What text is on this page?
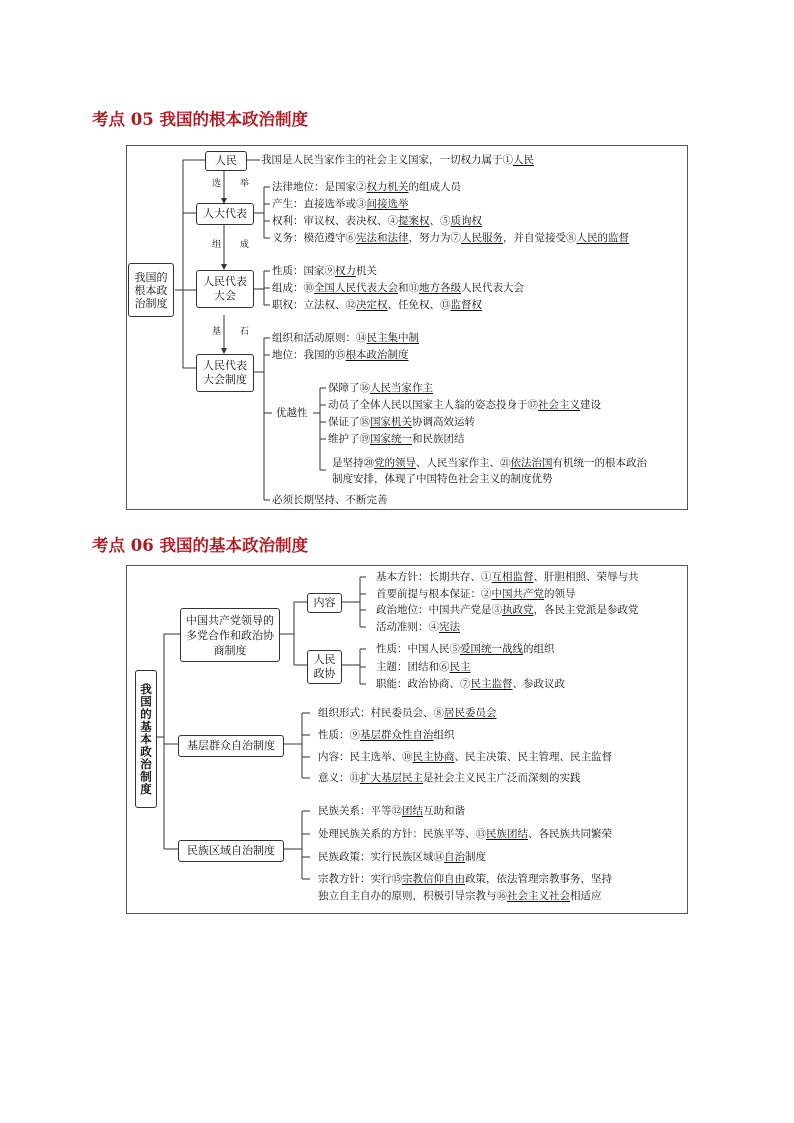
考点 05 我国的根本政治制度
我国的根本政治制度
人民	我国是人民当家作主的社会主义国家，一切权力属于①人民
选 举
人大代表
法律地位：是国家②权力机关的组成人员
产生：直接选举或③间接选举
权利：审议权、表决权、④提案权、⑤质询权
义务：模范遵守⑥宪法和法律，努力为⑦人民服务，并自觉接受⑧人民的监督
组 成
人民代表大会
性质：国家⑨权力机关
组成：⑩全国人民代表大会和⑪地方各级人民代表大会
职权：立法权、⑫决定权、任免权、⑬监督权
基 石
人民代表大会制度
组织和活动原则：⑭民主集中制
地位：我国的⑮根本政治制度
优越性
保障了⑯人民当家作主
动员了全体人民以国家主人翁的姿态投身于⑰社会主义建设
保证了⑱国家机关协调高效运转
维护了⑲国家统一和民族团结
是坚持⑳党的领导、人民当家作主、㉑依法治国有机统一的根本政治
制度安排，体现了中国特色社会主义的制度优势
必须长期坚持、不断完善
考点 06 我国的基本政治制度
我国的基本政治制度
中国共产党领导的多党合作和政治协商制度
内容
人民政协
基本方针：长期共存、①互相监督、肝胆相照、荣辱与共
首要前提与根本保证：②中国共产党的领导
政治地位：中国共产党是③执政党，各民主党派是参政党
活动准则：④宪法
性质：中国人民⑤爱国统一战线的组织
主题：团结和⑥民主
职能：政治协商、⑦民主监督、参政议政
基层群众自治制度
组织形式：村民委员会、⑧居民委员会
性质：⑨基层群众性自治组织
内容：民主选举、⑩民主协商、民主决策、民主管理、民主监督
意义：⑪扩大基层民主是社会主义民主广泛而深刻的实践
民族区域自治制度
民族关系：平等⑫团结互助和谐
处理民族关系的方针：民族平等、⑬民族团结、各民族共同繁荣
民族政策：实行民族区域⑭自治制度
宗教方针：实行⑮宗教信仰自由政策，依法管理宗教事务，坚持
独立自主自办的原则，积极引导宗教与⑯社会主义社会相适应
